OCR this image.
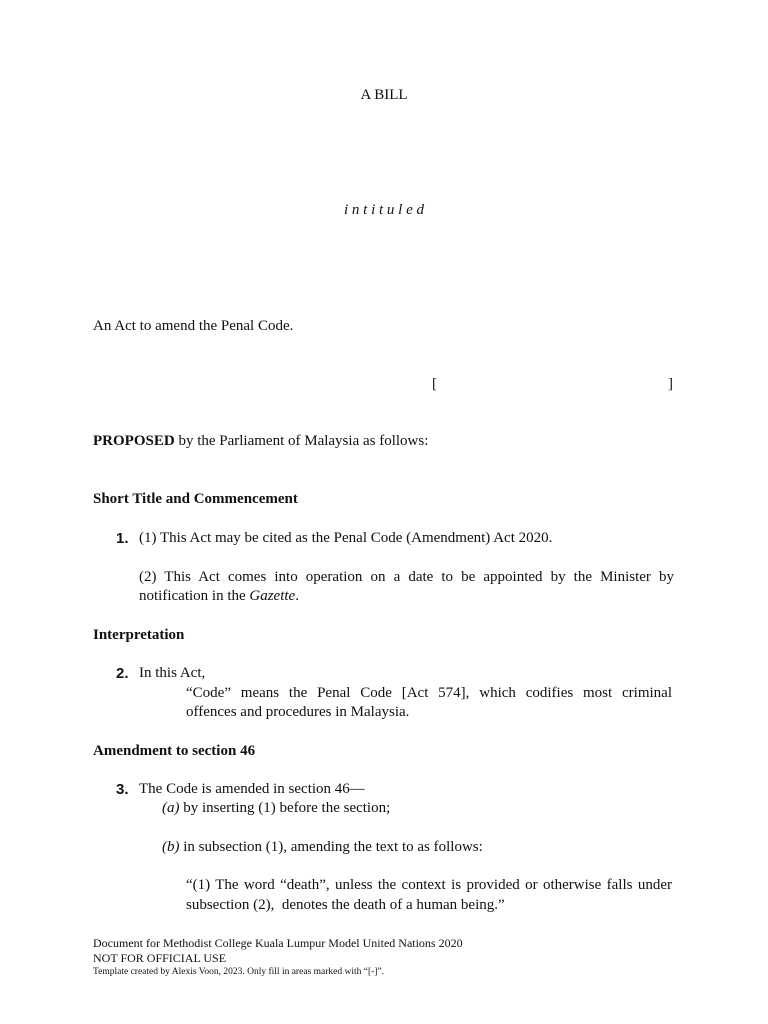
A BILL
i n t i t u l e d
An Act to amend the Penal Code.
[	]
PROPOSED by the Parliament of Malaysia as follows:
Short Title and Commencement
1. (1) This Act may be cited as the Penal Code (Amendment) Act 2020.
(2) This Act comes into operation on a date to be appointed by the Minister by
notification in the Gazette.
Interpretation
2. In this Act,
“Code” means the Penal Code [Act 574], which codifies most criminal
offences and procedures in Malaysia.
Amendment to section 46
3. The Code is amended in section 46—
(a) by inserting (1) before the section;
(b) in subsection (1), amending the text to as follows:
“(1) The word “death”, unless the context is provided or otherwise falls under
subsection (2),  denotes the death of a human being.”
Document for Methodist College Kuala Lumpur Model United Nations 2020
NOT FOR OFFICIAL USE
Template created by Alexis Voon, 2023. Only fill in areas marked with “[-]”.
